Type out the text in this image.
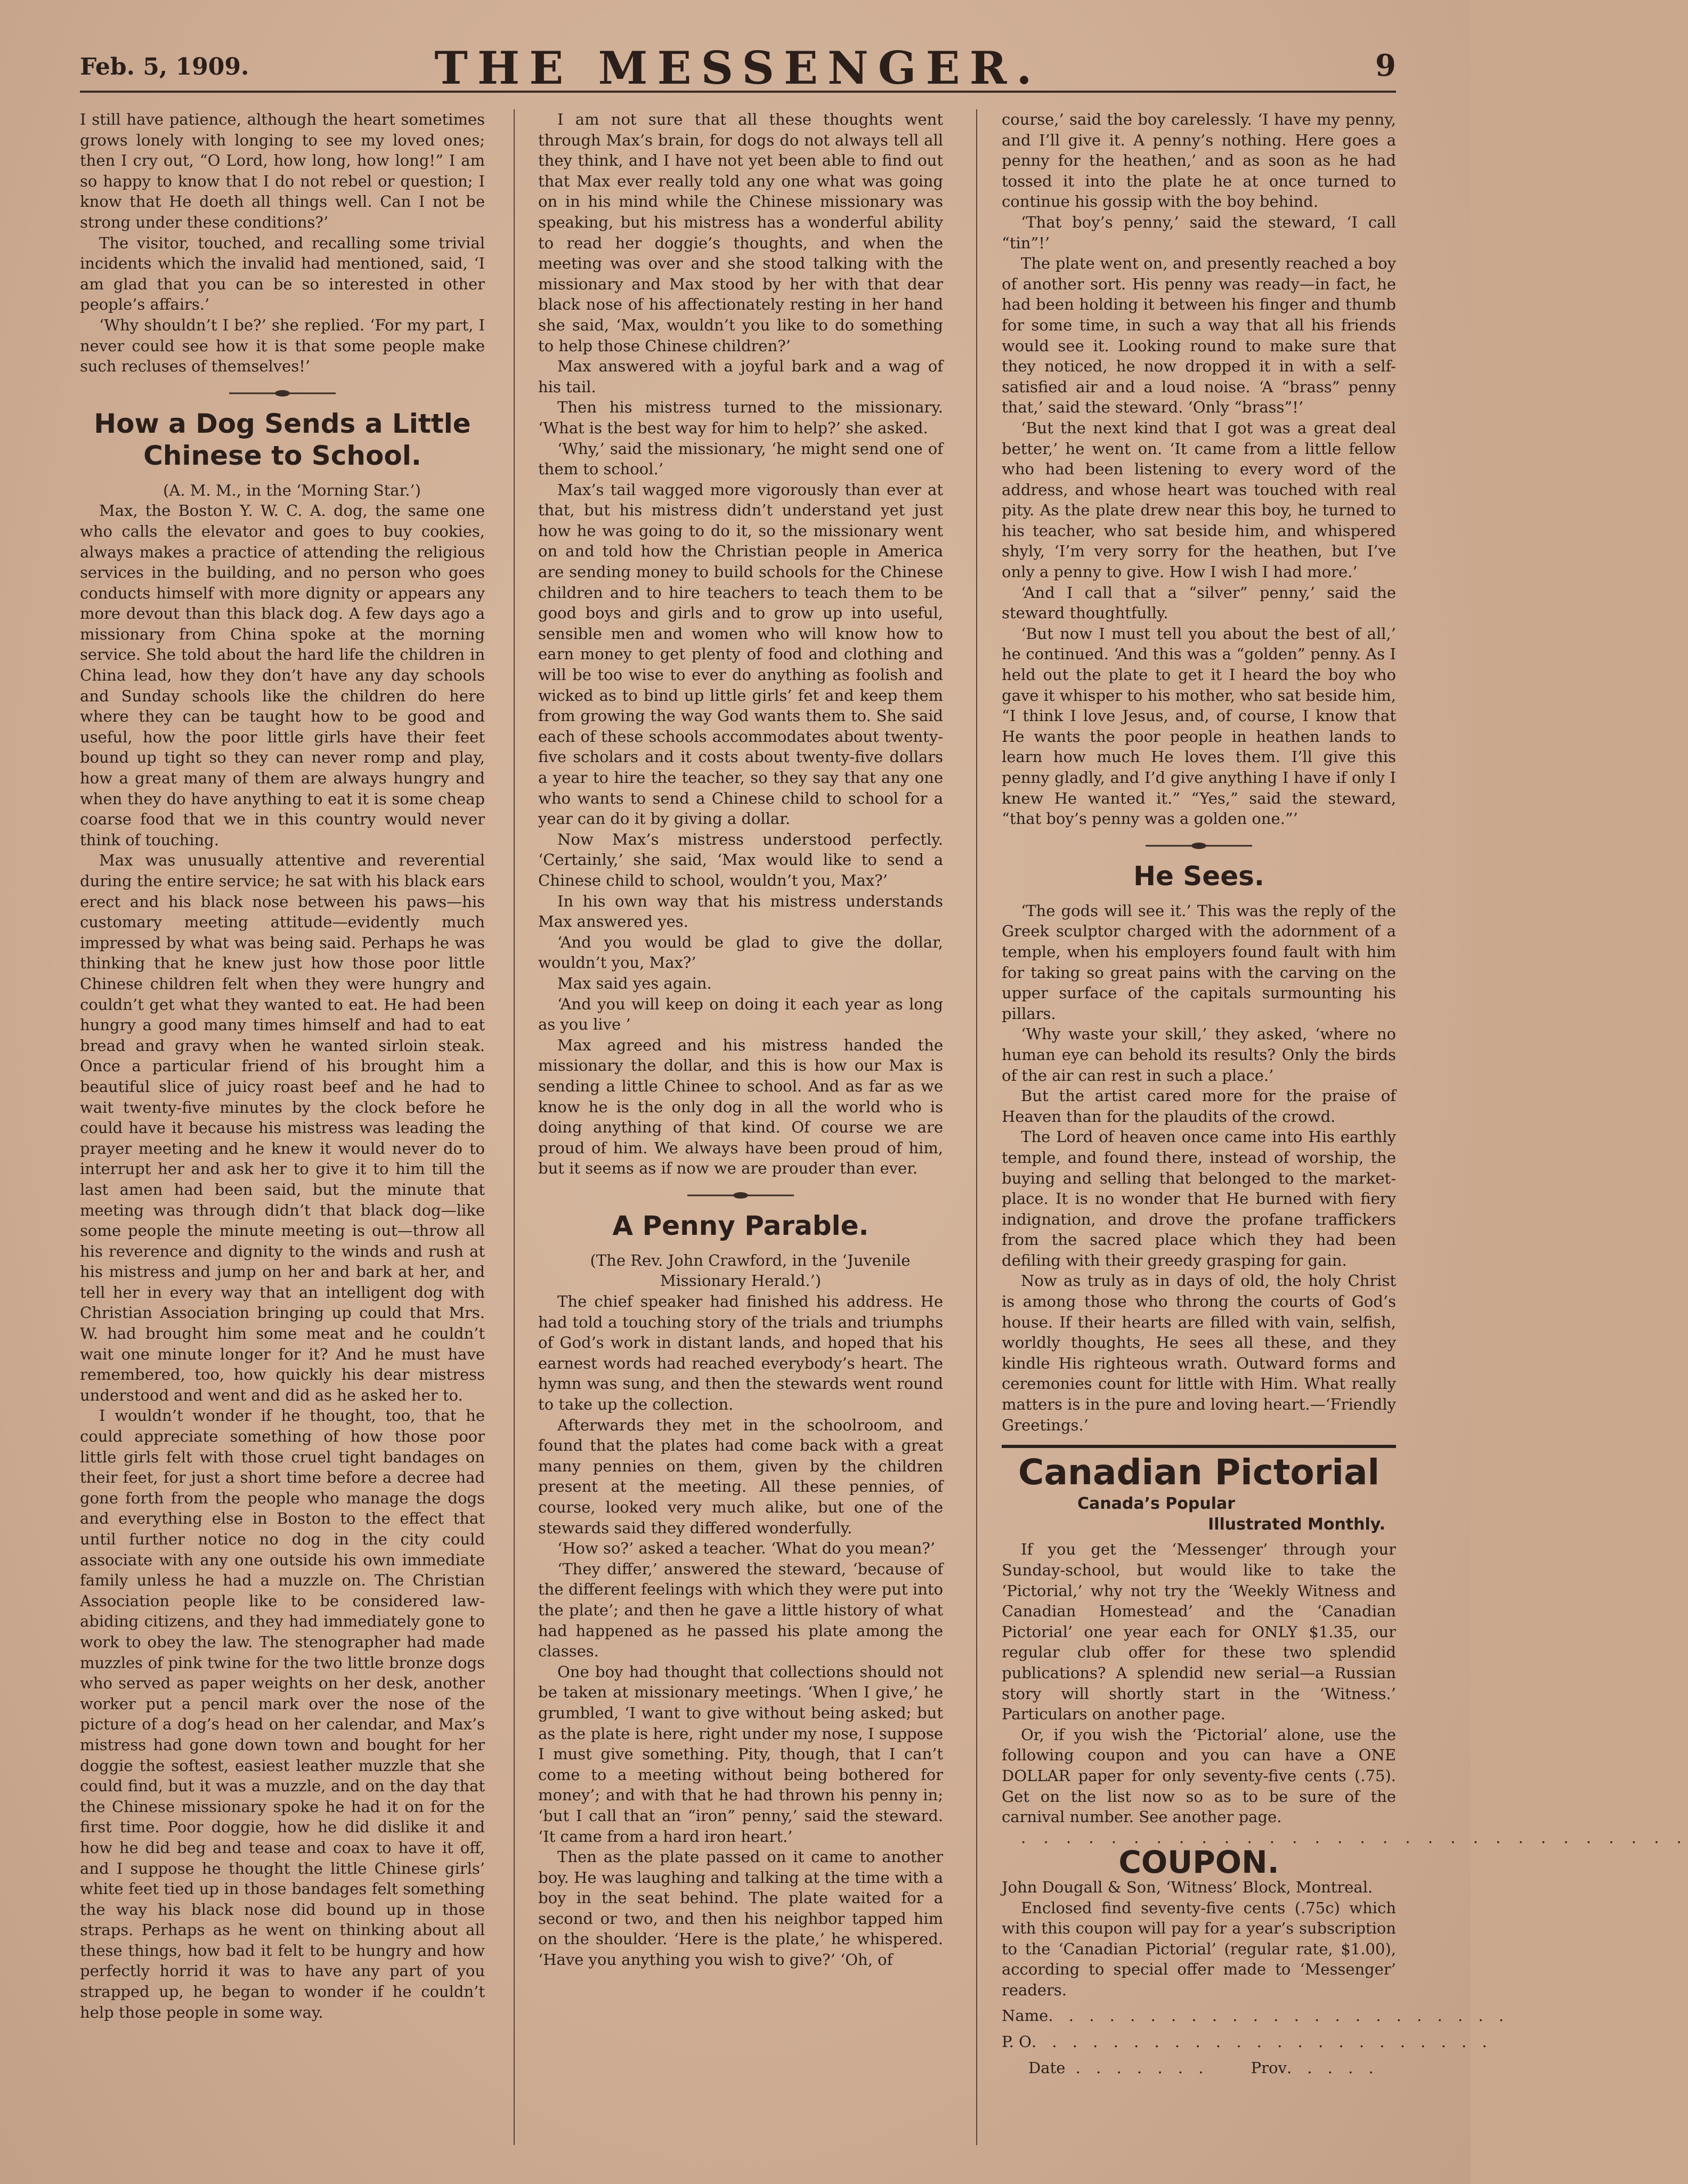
Feb. 5, 1909.	THE MESSENGER.	9

I still have patience, although the heart sometimes grows lonely with longing to see my loved ones; then I cry out, “O Lord, how long, how long!” I am so happy to know that I do not rebel or question; I know that He doeth all things well. Can I not be strong under these conditions?’

The visitor, touched, and recalling some trivial incidents which the invalid had mentioned, said, ‘I am glad that you can be so interested in other people’s affairs.’

‘Why shouldn’t I be?’ she replied. ‘For my part, I never could see how it is that some people make such recluses of themselves!’

How a Dog Sends a Little Chinese to School.

(A. M. M., in the ‘Morning Star.’)

Max, the Boston Y. W. C. A. dog, the same one who calls the elevator and goes to buy cookies, always makes a practice of attending the religious services in the building, and no person who goes conducts himself with more dignity or appears any more devout than this black dog. A few days ago a missionary from China spoke at the morning service. She told about the hard life the children in China lead, how they don’t have any day schools and Sunday schools like the children do here where they can be taught how to be good and useful, how the poor little girls have their feet bound up tight so they can never romp and play, how a great many of them are always hungry and when they do have anything to eat it is some cheap coarse food that we in this country would never think of touching.

Max was unusually attentive and reverential during the entire service; he sat with his black ears erect and his black nose between his paws—his customary meeting attitude—evidently much impressed by what was being said. Perhaps he was thinking that he knew just how those poor little Chinese children felt when they were hungry and couldn’t get what they wanted to eat. He had been hungry a good many times himself and had to eat bread and gravy when he wanted sirloin steak. Once a particular friend of his brought him a beautiful slice of juicy roast beef and he had to wait twenty-five minutes by the clock before he could have it because his mistress was leading the prayer meeting and he knew it would never do to interrupt her and ask her to give it to him till the last amen had been said, but the minute that meeting was through didn’t that black dog—like some people the minute meeting is out—throw all his reverence and dignity to the winds and rush at his mistress and jump on her and bark at her, and tell her in every way that an intelligent dog with Christian Association bringing up could that Mrs. W. had brought him some meat and he couldn’t wait one minute longer for it? And he must have remembered, too, how quickly his dear mistress understood and went and did as he asked her to.

I wouldn’t wonder if he thought, too, that he could appreciate something of how those poor little girls felt with those cruel tight bandages on their feet, for just a short time before a decree had gone forth from the people who manage the dogs and everything else in Boston to the effect that until further notice no dog in the city could associate with any one outside his own immediate family unless he had a muzzle on. The Christian Association people like to be considered law-abiding citizens, and they had immediately gone to work to obey the law. The stenographer had made muzzles of pink twine for the two little bronze dogs who served as paper weights on her desk, another worker put a pencil mark over the nose of the picture of a dog’s head on her calendar, and Max’s mistress had gone down town and bought for her doggie the softest, easiest leather muzzle that she could find, but it was a muzzle, and on the day that the Chinese missionary spoke he had it on for the first time. Poor doggie, how he did dislike it and how he did beg and tease and coax to have it off, and I suppose he thought the little Chinese girls’ white feet tied up in those bandages felt something the way his black nose did bound up in those straps. Perhaps as he went on thinking about all these things, how bad it felt to be hungry and how perfectly horrid it was to have any part of you strapped up, he began to wonder if he couldn’t help those people in some way.

I am not sure that all these thoughts went through Max’s brain, for dogs do not always tell all they think, and I have not yet been able to find out that Max ever really told any one what was going on in his mind while the Chinese missionary was speaking, but his mistress has a wonderful ability to read her doggie’s thoughts, and when the meeting was over and she stood talking with the missionary and Max stood by her with that dear black nose of his affectionately resting in her hand she said, ‘Max, wouldn’t you like to do something to help those Chinese children?’

Max answered with a joyful bark and a wag of his tail.

Then his mistress turned to the missionary. ‘What is the best way for him to help?’ she asked.

‘Why,’ said the missionary, ‘he might send one of them to school.’

Max’s tail wagged more vigorously than ever at that, but his mistress didn’t understand yet just how he was going to do it, so the missionary went on and told how the Christian people in America are sending money to build schools for the Chinese children and to hire teachers to teach them to be good boys and girls and to grow up into useful, sensible men and women who will know how to earn money to get plenty of food and clothing and will be too wise to ever do anything as foolish and wicked as to bind up little girls’ fet and keep them from growing the way God wants them to. She said each of these schools accommodates about twenty-five scholars and it costs about twenty-five dollars a year to hire the teacher, so they say that any one who wants to send a Chinese child to school for a year can do it by giving a dollar.

Now Max’s mistress understood perfectly. ‘Certainly,’ she said, ‘Max would like to send a Chinese child to school, wouldn’t you, Max?’

In his own way that his mistress understands Max answered yes.

‘And you would be glad to give the dollar, wouldn’t you, Max?’

Max said yes again.

‘And you will keep on doing it each year as long as you live ’

Max agreed and his mistress handed the missionary the dollar, and this is how our Max is sending a little Chinee to school. And as far as we know he is the only dog in all the world who is doing anything of that kind. Of course we are proud of him. We always have been proud of him, but it seems as if now we are prouder than ever.

A Penny Parable.

(The Rev. John Crawford, in the ‘Juvenile Missionary Herald.’)

The chief speaker had finished his address. He had told a touching story of the trials and triumphs of God’s work in distant lands, and hoped that his earnest words had reached everybody’s heart. The hymn was sung, and then the stewards went round to take up the collection.

Afterwards they met in the schoolroom, and found that the plates had come back with a great many pennies on them, given by the children present at the meeting. All these pennies, of course, looked very much alike, but one of the stewards said they differed wonderfully.

‘How so?’ asked a teacher. ‘What do you mean?’

‘They differ,’ answered the steward, ‘because of the different feelings with which they were put into the plate’; and then he gave a little history of what had happened as he passed his plate among the classes.

One boy had thought that collections should not be taken at missionary meetings. ‘When I give,’ he grumbled, ‘I want to give without being asked; but as the plate is here, right under my nose, I suppose I must give something. Pity, though, that I can’t come to a meeting without being bothered for money’; and with that he had thrown his penny in; ‘but I call that an “iron” penny,’ said the steward. ‘It came from a hard iron heart.’

Then as the plate passed on it came to another boy. He was laughing and talking at the time with a boy in the seat behind. The plate waited for a second or two, and then his neighbor tapped him on the shoulder. ‘Here is the plate,’ he whispered. ‘Have you anything you wish to give?’ ‘Oh, of

course,’ said the boy carelessly. ‘I have my penny, and I’ll give it. A penny’s nothing. Here goes a penny for the heathen,’ and as soon as he had tossed it into the plate he at once turned to continue his gossip with the boy behind.

‘That boy’s penny,’ said the steward, ‘I call “tin”!’

The plate went on, and presently reached a boy of another sort. His penny was ready—in fact, he had been holding it between his finger and thumb for some time, in such a way that all his friends would see it. Looking round to make sure that they noticed, he now dropped it in with a self-satisfied air and a loud noise. ‘A “brass” penny that,’ said the steward. ‘Only “brass”!’

‘But the next kind that I got was a great deal better,’ he went on. ‘It came from a little fellow who had been listening to every word of the address, and whose heart was touched with real pity. As the plate drew near this boy, he turned to his teacher, who sat beside him, and whispered shyly, ‘I’m very sorry for the heathen, but I’ve only a penny to give. How I wish I had more.’

‘And I call that a “silver” penny,’ said the steward thoughtfully.

‘But now I must tell you about the best of all,’ he continued. ‘And this was a “golden” penny. As I held out the plate to get it I heard the boy who gave it whisper to his mother, who sat beside him, “I think I love Jesus, and, of course, I know that He wants the poor people in heathen lands to learn how much He loves them. I’ll give this penny gladly, and I’d give anything I have if only I knew He wanted it.” “Yes,” said the steward, “that boy’s penny was a golden one.”’

He Sees.

‘The gods will see it.’ This was the reply of the Greek sculptor charged with the adornment of a temple, when his employers found fault with him for taking so great pains with the carving on the upper surface of the capitals surmounting his pillars.

‘Why waste your skill,’ they asked, ‘where no human eye can behold its results? Only the birds of the air can rest in such a place.’

But the artist cared more for the praise of Heaven than for the plaudits of the crowd.

The Lord of heaven once came into His earthly temple, and found there, instead of worship, the buying and selling that belonged to the market-place. It is no wonder that He burned with fiery indignation, and drove the profane traffickers from the sacred place which they had been defiling with their greedy grasping for gain.

Now as truly as in days of old, the holy Christ is among those who throng the courts of God’s house. If their hearts are filled with vain, selfish, worldly thoughts, He sees all these, and they kindle His righteous wrath. Outward forms and ceremonies count for little with Him. What really matters is in the pure and loving heart.—‘Friendly Greetings.’

Canadian Pictorial
Canada’s Popular
Illustrated Monthly.

If you get the ‘Messenger’ through your Sunday-school, but would like to take the ‘Pictorial,’ why not try the ‘Weekly Witness and Canadian Homestead’ and the ‘Canadian Pictorial’ one year each for ONLY $1.35, our regular club offer for these two splendid publications? A splendid new serial—a Russian story will shortly start in the ‘Witness.’ Particulars on another page.

Or, if you wish the ‘Pictorial’ alone, use the following coupon and you can have a ONE DOLLAR paper for only seventy-five cents (.75). Get on the list now so as to be sure of the carnival number. See another page.

. . . . . . . . . . . . . . . . . . . . . . . . . . . . . .

COUPON.

John Dougall & Son, ‘Witness’ Block, Montreal.

Enclosed find seventy-five cents (.75c) which with this coupon will pay for a year’s subscription to the ‘Canadian Pictorial’ (regular rate, $1.00), according to special offer made to ‘Messenger’ readers.

Name. . . . . . . . . . . . . . . . . . . . . . .
P. O. . . . . . . . . . . . . . . . . . . . . . .
Date . . . . . . . Prov. . . . .
